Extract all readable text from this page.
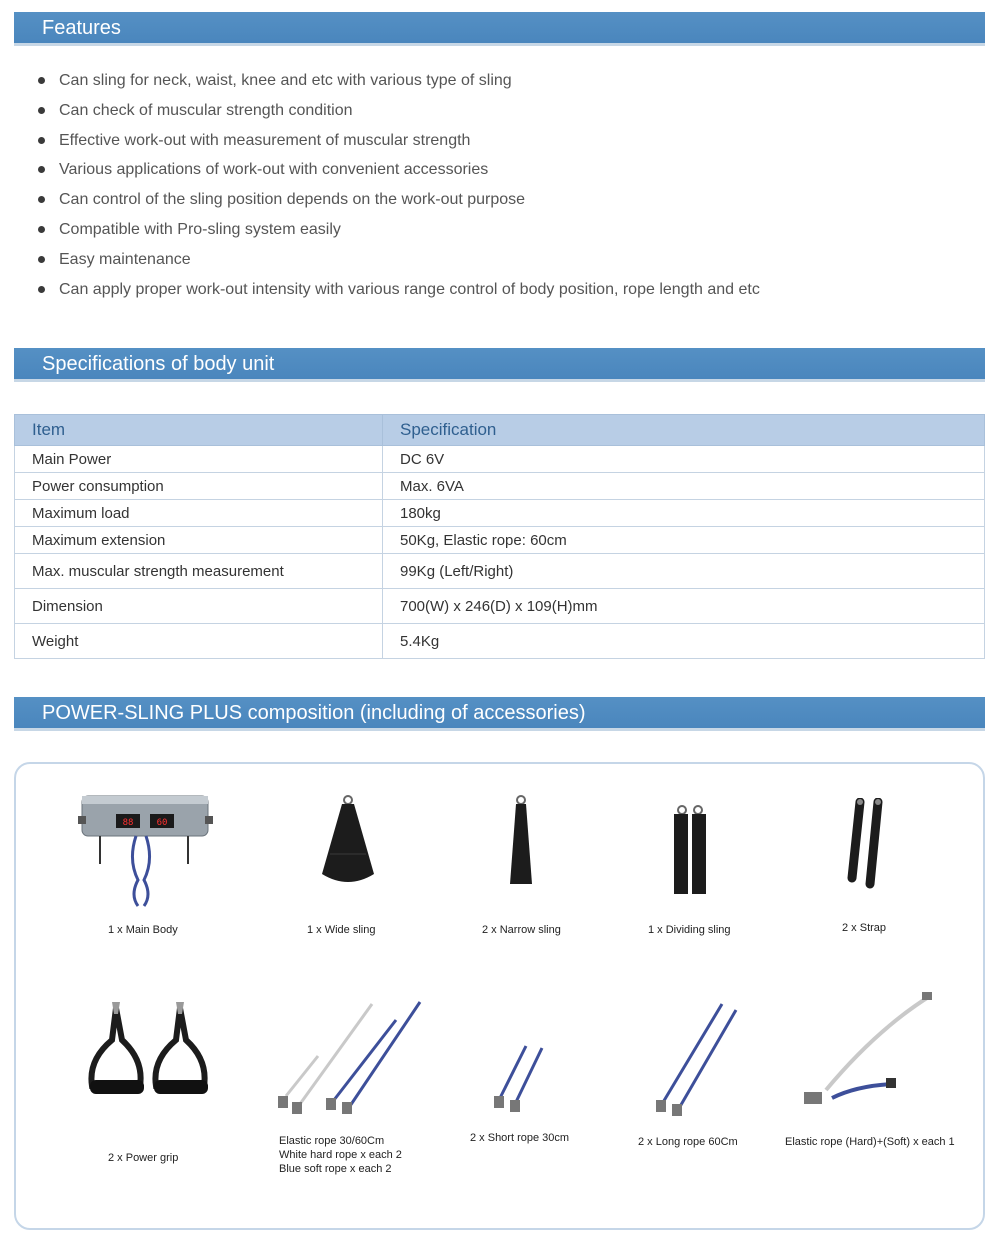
Features
Can sling for neck, waist, knee and etc with various type of sling
Can check of muscular strength condition
Effective work-out with measurement of muscular strength
Various applications of work-out with convenient accessories
Can control of the sling position depends on the work-out purpose
Compatible with Pro-sling system easily
Easy maintenance
Can apply proper work-out intensity with various range control of body position, rope length and etc
Specifications of body unit
Item	Specification
Main Power	DC 6V
Power consumption	Max. 6VA
Maximum load	180kg
Maximum extension	50Kg, Elastic rope: 60cm
Max. muscular strength measurement	99Kg (Left/Right)
Dimension	700(W) x 246(D) x 109(H)mm
Weight	5.4Kg
POWER-SLING PLUS composition (including of accessories)
88	60
1 x Main Body	1 x Wide sling	2 x Narrow sling	1 x Dividing sling	2 x Strap
2 x Power grip
Elastic rope 30/60Cm
White hard rope x each 2
Blue soft rope x each 2
2 x Short rope 30cm	2 x Long rope 60Cm	Elastic rope (Hard)+(Soft) x each 1
